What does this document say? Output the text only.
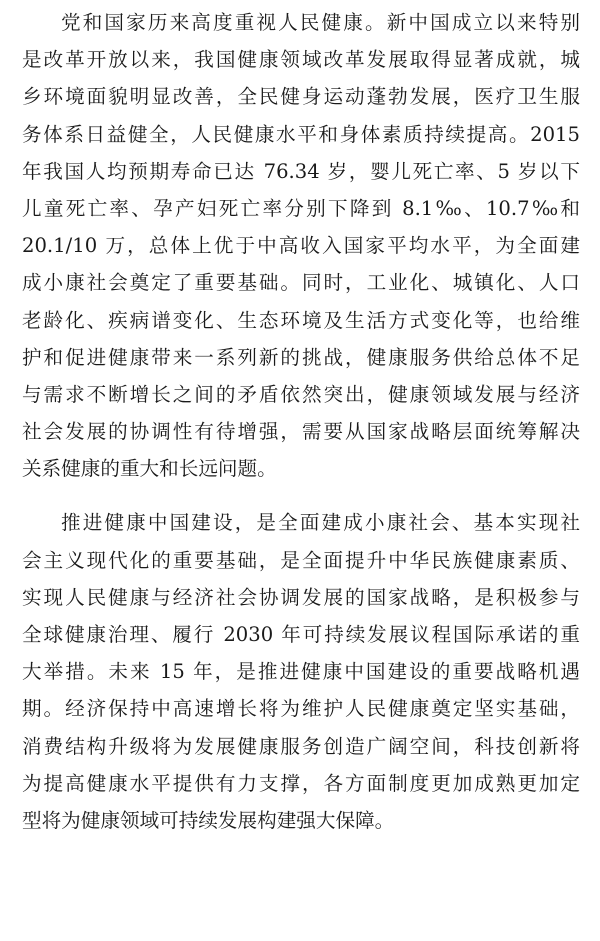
党和国家历来高度重视人民健康。新中国成立以来特别
是改革开放以来，我国健康领域改革发展取得显著成就，城
乡环境面貌明显改善，全民健身运动蓬勃发展，医疗卫生服
务体系日益健全，人民健康水平和身体素质持续提高。2015
年我国人均预期寿命已达 76.34 岁，婴儿死亡率、5 岁以下
儿童死亡率、孕产妇死亡率分别下降到 8.1‰、10.7‰和
20.1/10 万，总体上优于中高收入国家平均水平，为全面建
成小康社会奠定了重要基础。同时，工业化、城镇化、人口
老龄化、疾病谱变化、生态环境及生活方式变化等，也给维
护和促进健康带来一系列新的挑战，健康服务供给总体不足
与需求不断增长之间的矛盾依然突出，健康领域发展与经济
社会发展的协调性有待增强，需要从国家战略层面统筹解决
关系健康的重大和长远问题。
推进健康中国建设，是全面建成小康社会、基本实现社
会主义现代化的重要基础，是全面提升中华民族健康素质、
实现人民健康与经济社会协调发展的国家战略，是积极参与
全球健康治理、履行 2030 年可持续发展议程国际承诺的重
大举措。未来 15 年，是推进健康中国建设的重要战略机遇
期。经济保持中高速增长将为维护人民健康奠定坚实基础，
消费结构升级将为发展健康服务创造广阔空间，科技创新将
为提高健康水平提供有力支撑，各方面制度更加成熟更加定
型将为健康领域可持续发展构建强大保障。
